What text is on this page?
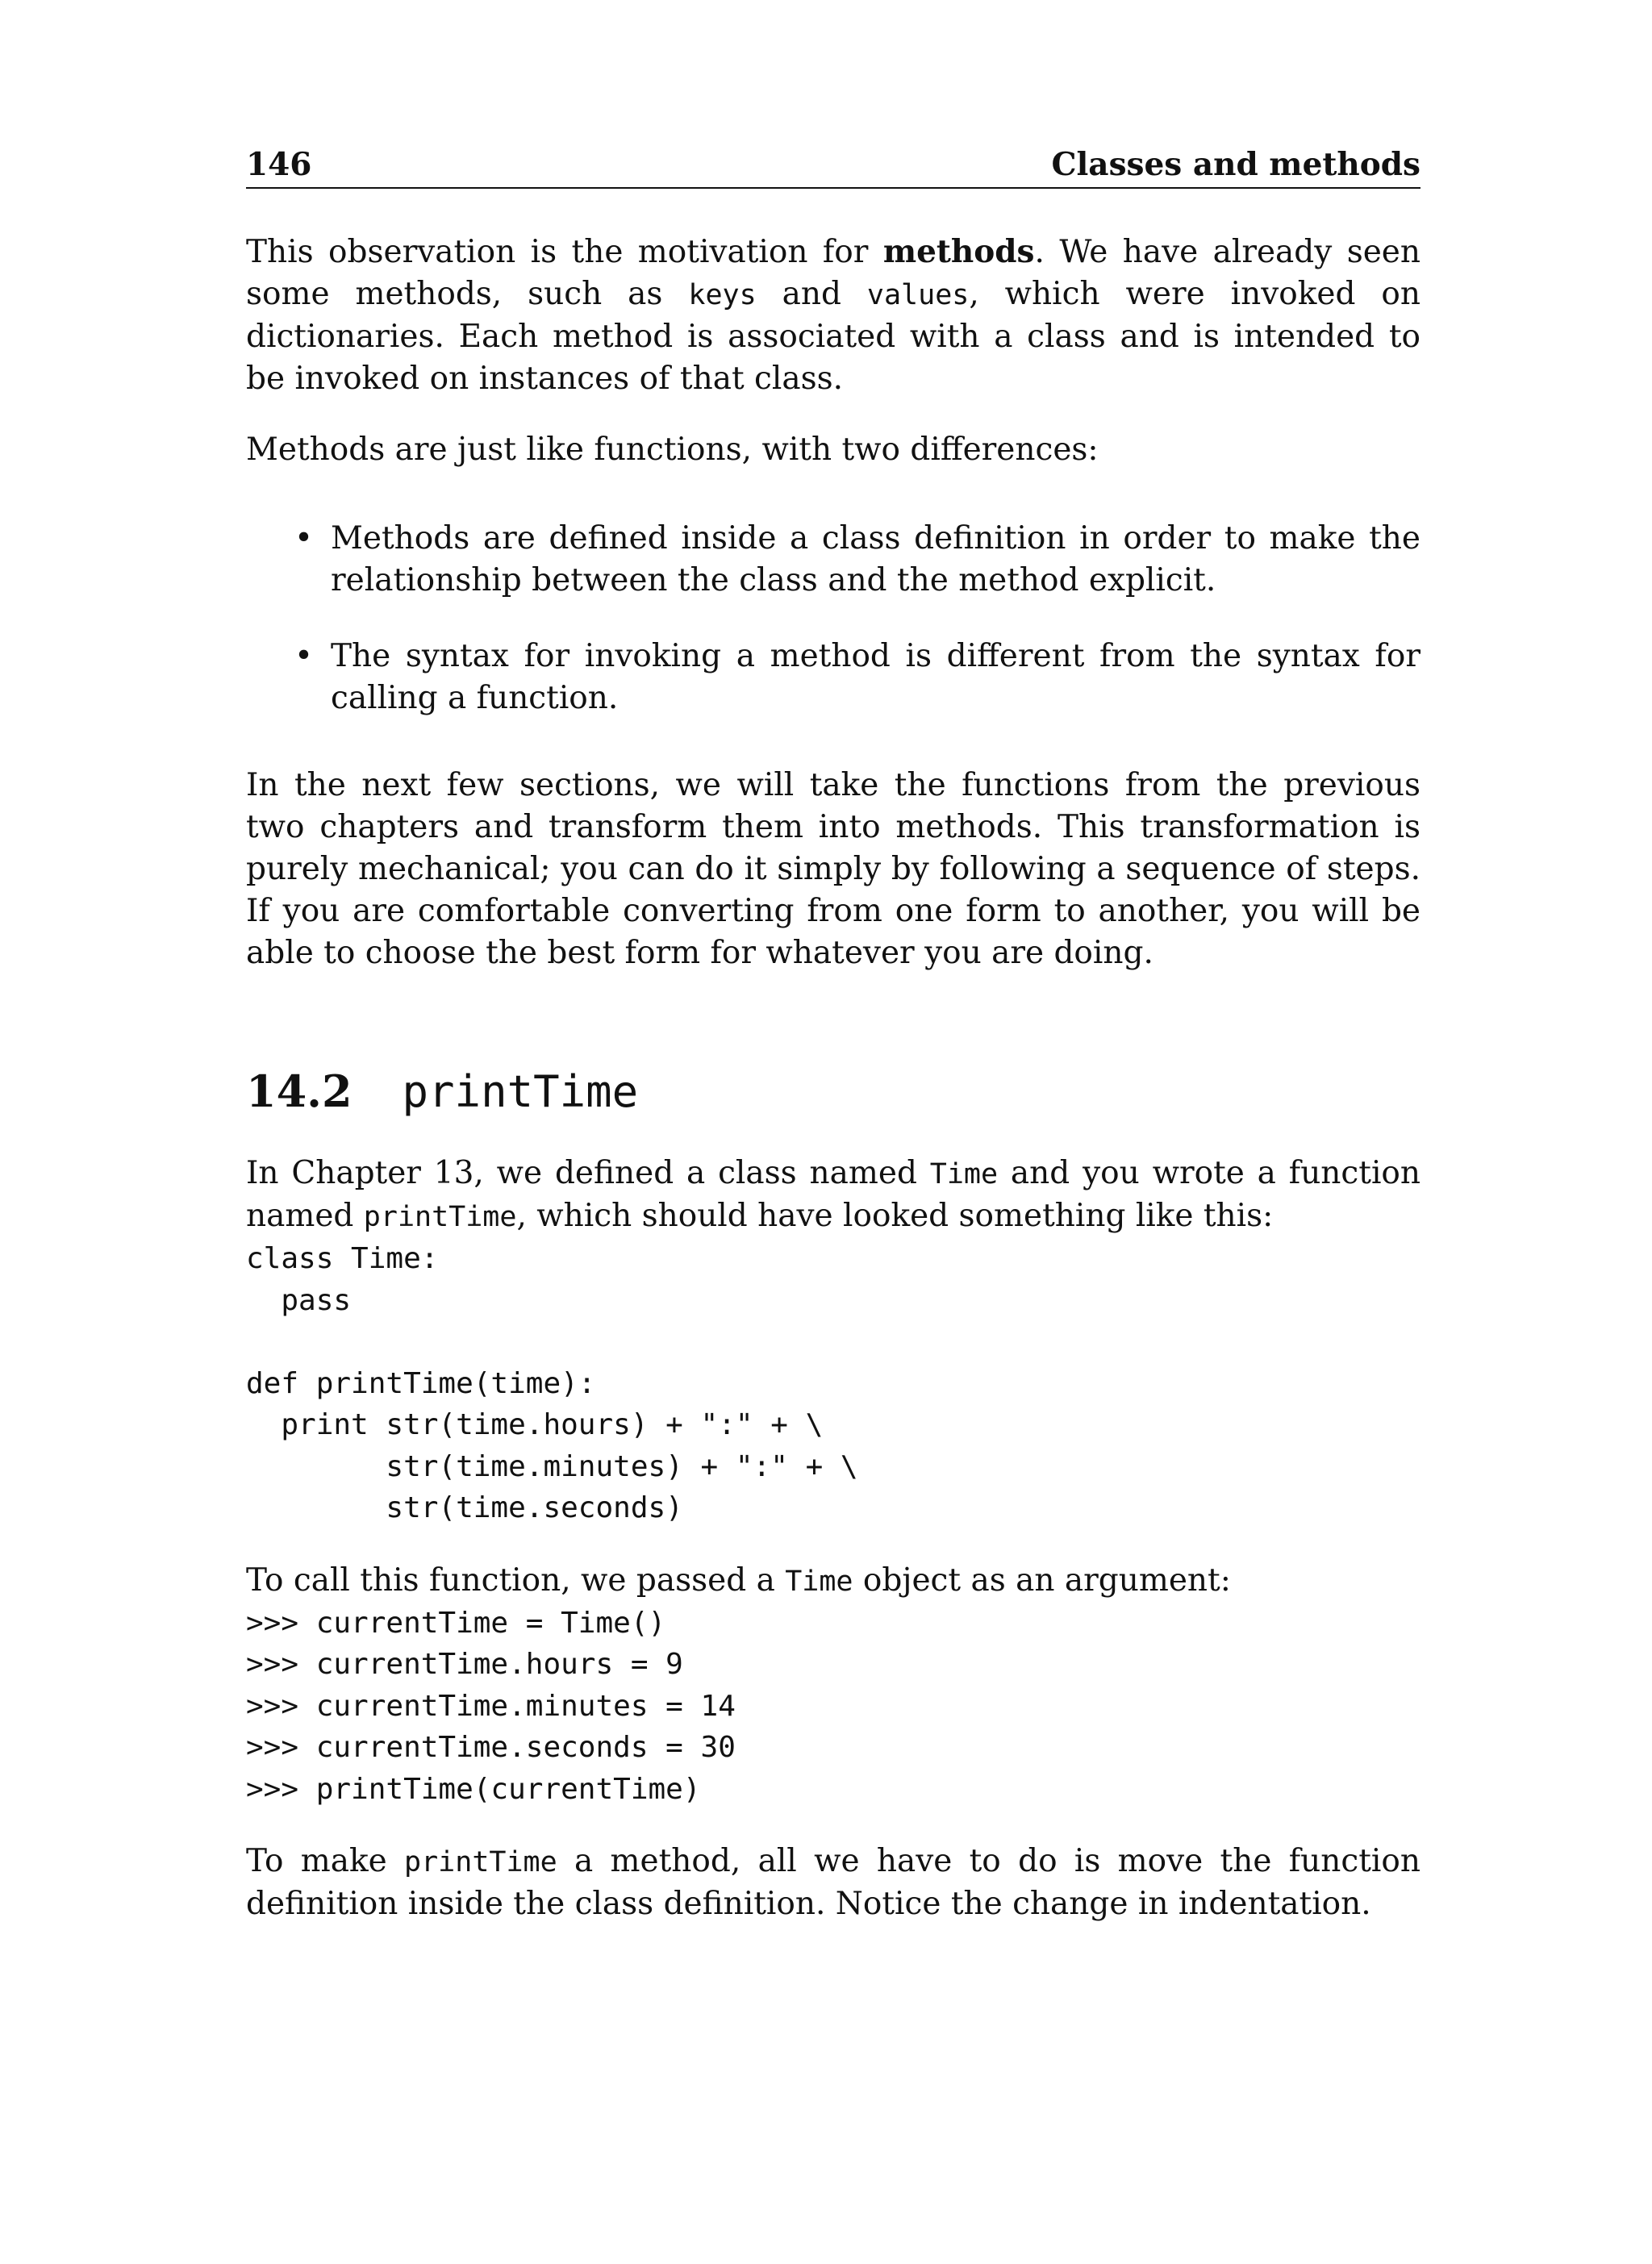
146	Classes and methods

This observation is the motivation for methods. We have already seen some methods, such as keys and values, which were invoked on dictionaries. Each method is associated with a class and is intended to be invoked on instances of that class.

Methods are just like functions, with two differences:

• Methods are defined inside a class definition in order to make the relationship between the class and the method explicit.
• The syntax for invoking a method is different from the syntax for calling a function.

In the next few sections, we will take the functions from the previous two chapters and transform them into methods. This transformation is purely mechanical; you can do it simply by following a sequence of steps. If you are comfortable converting from one form to another, you will be able to choose the best form for whatever you are doing.

14.2 printTime

In Chapter 13, we defined a class named Time and you wrote a function named printTime, which should have looked something like this:

class Time:
pass

def printTime(time):
print str(time.hours) + ":" + \
str(time.minutes) + ":" + \
str(time.seconds)

To call this function, we passed a Time object as an argument:

>>> currentTime = Time()
>>> currentTime.hours = 9
>>> currentTime.minutes = 14
>>> currentTime.seconds = 30
>>> printTime(currentTime)

To make printTime a method, all we have to do is move the function definition inside the class definition. Notice the change in indentation.
